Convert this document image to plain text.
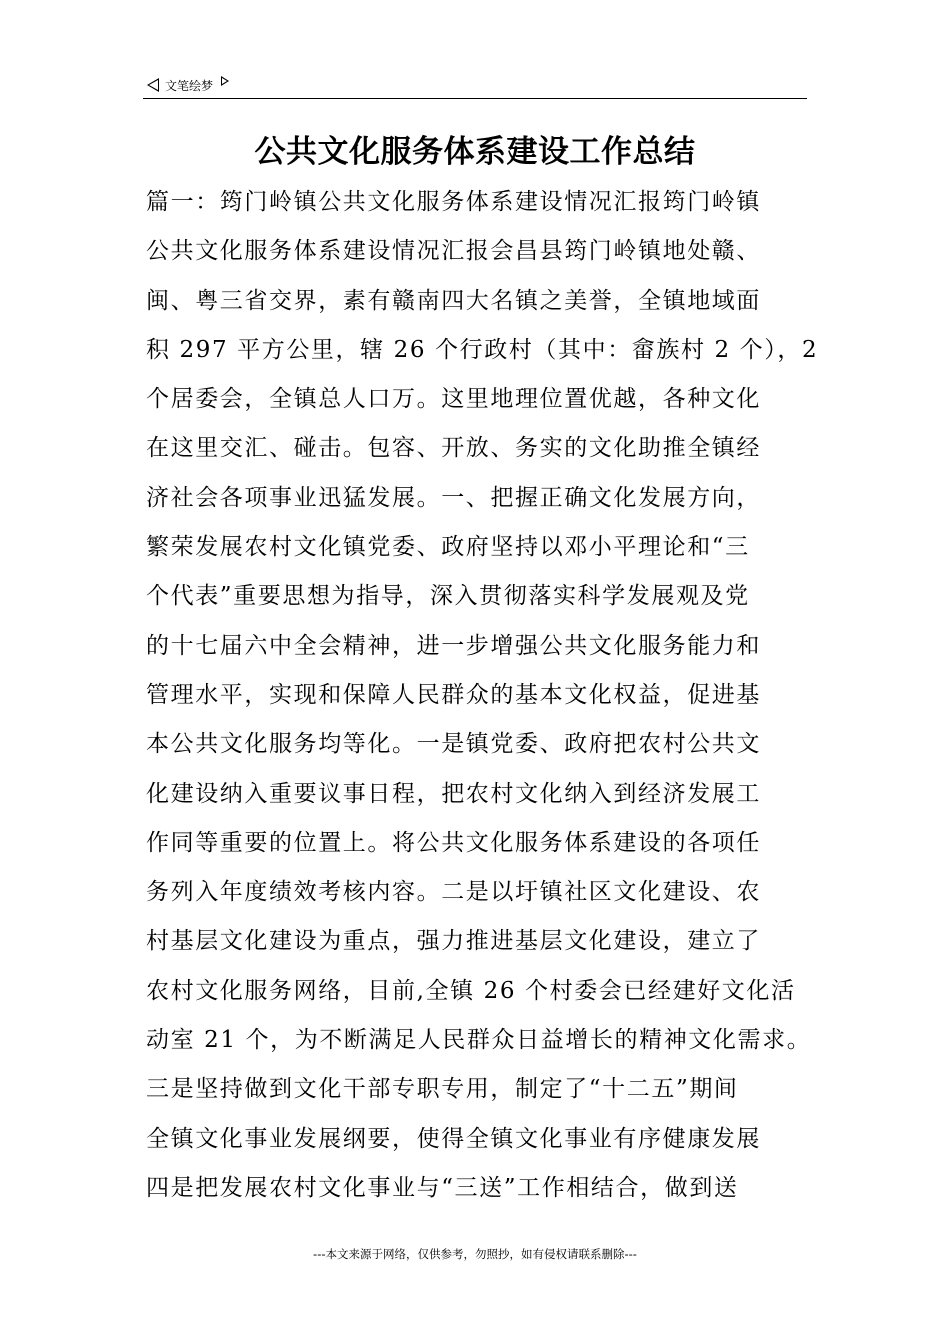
文笔绘梦
公共文化服务体系建设工作总结
篇一：筠门岭镇公共文化服务体系建设情况汇报筠门岭镇
公共文化服务体系建设情况汇报会昌县筠门岭镇地处赣、
闽、粤三省交界，素有赣南四大名镇之美誉，全镇地域面
积 297 平方公里，辖 26 个行政村（其中：畲族村 2 个），2
个居委会，全镇总人口万。这里地理位置优越，各种文化
在这里交汇、碰击。包容、开放、务实的文化助推全镇经
济社会各项事业迅猛发展。一、把握正确文化发展方向，
繁荣发展农村文化镇党委、政府坚持以邓小平理论和“三
个代表”重要思想为指导，深入贯彻落实科学发展观及党
的十七届六中全会精神，进一步增强公共文化服务能力和
管理水平，实现和保障人民群众的基本文化权益，促进基
本公共文化服务均等化。一是镇党委、政府把农村公共文
化建设纳入重要议事日程，把农村文化纳入到经济发展工
作同等重要的位置上。将公共文化服务体系建设的各项任
务列入年度绩效考核内容。二是以圩镇社区文化建设、农
村基层文化建设为重点，强力推进基层文化建设，建立了
农村文化服务网络，目前,全镇 26 个村委会已经建好文化活
动室 21 个，为不断满足人民群众日益增长的精神文化需求。
三是坚持做到文化干部专职专用，制定了“十二五”期间
全镇文化事业发展纲要，使得全镇文化事业有序健康发展
四是把发展农村文化事业与“三送”工作相结合，做到送
---本文来源于网络，仅供参考，勿照抄，如有侵权请联系删除---
